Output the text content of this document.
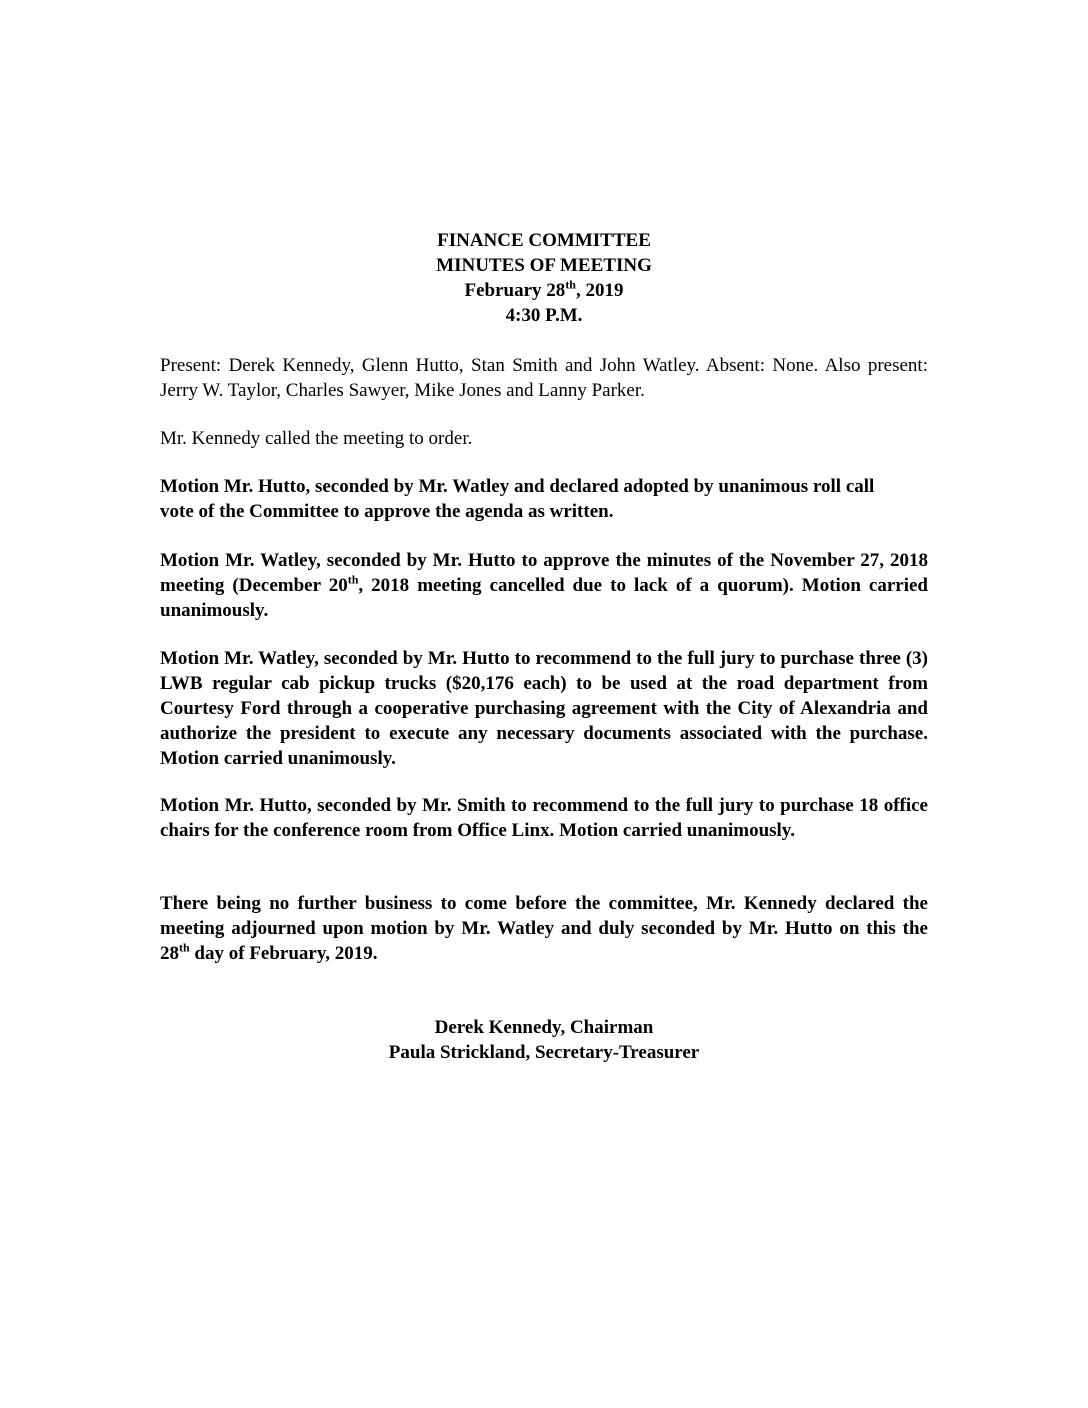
FINANCE COMMITTEE
MINUTES OF MEETING
February 28th, 2019
4:30 P.M.

Present: Derek Kennedy, Glenn Hutto, Stan Smith and John Watley. Absent: None. Also present: Jerry W. Taylor, Charles Sawyer, Mike Jones and Lanny Parker.

Mr. Kennedy called the meeting to order.

Motion Mr. Hutto, seconded by Mr. Watley and declared adopted by unanimous roll call vote of the Committee to approve the agenda as written.

Motion Mr. Watley, seconded by Mr. Hutto to approve the minutes of the November 27, 2018 meeting (December 20th, 2018 meeting cancelled due to lack of a quorum). Motion carried unanimously.

Motion Mr. Watley, seconded by Mr. Hutto to recommend to the full jury to purchase three (3) LWB regular cab pickup trucks ($20,176 each) to be used at the road department from Courtesy Ford through a cooperative purchasing agreement with the City of Alexandria and authorize the president to execute any necessary documents associated with the purchase. Motion carried unanimously.

Motion Mr. Hutto, seconded by Mr. Smith to recommend to the full jury to purchase 18 office chairs for the conference room from Office Linx. Motion carried unanimously.

There being no further business to come before the committee, Mr. Kennedy declared the meeting adjourned upon motion by Mr. Watley and duly seconded by Mr. Hutto on this the 28th day of February, 2019.

Derek Kennedy, Chairman
Paula Strickland, Secretary-Treasurer
